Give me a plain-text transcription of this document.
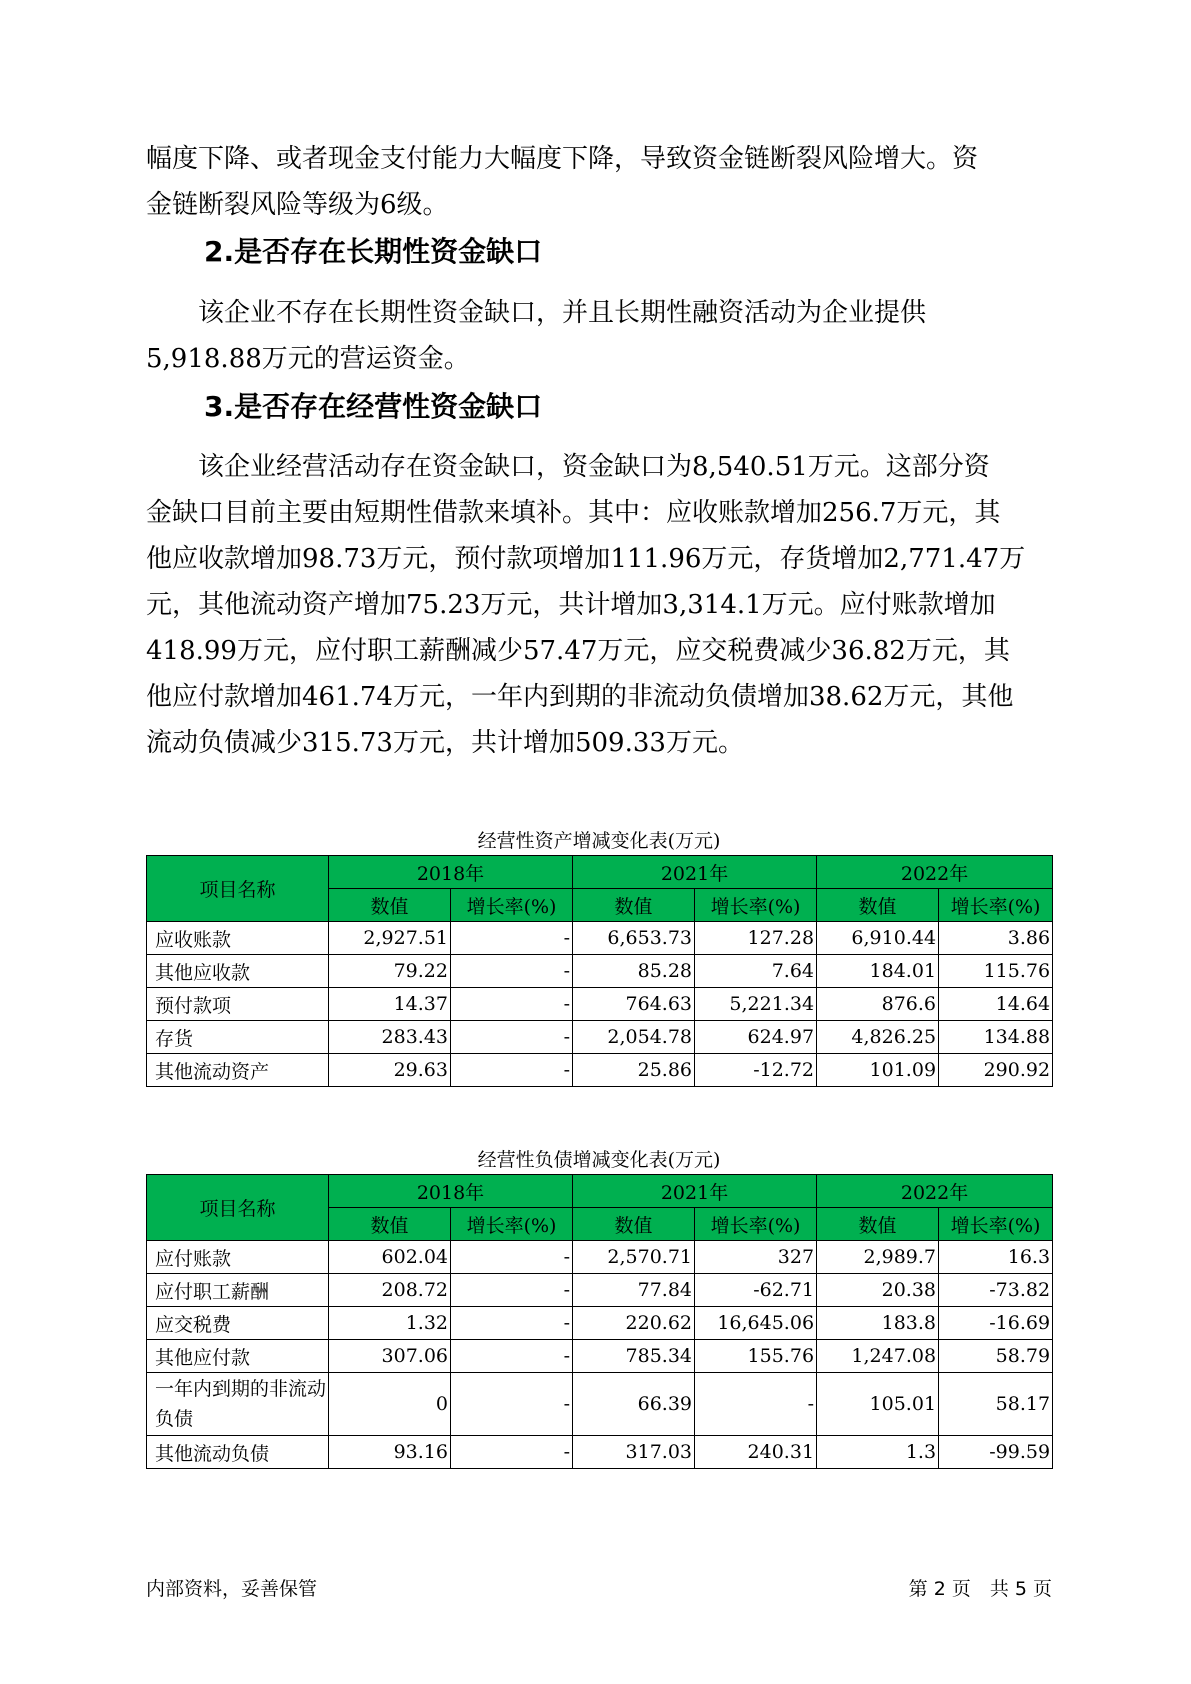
幅度下降、或者现金支付能力大幅度下降，导致资金链断裂风险增大。资
金链断裂风险等级为6级。
2.是否存在长期性资金缺口
　　该企业不存在长期性资金缺口，并且长期性融资活动为企业提供
5,918.88万元的营运资金。
3.是否存在经营性资金缺口
　　该企业经营活动存在资金缺口，资金缺口为8,540.51万元。这部分资
金缺口目前主要由短期性借款来填补。其中：应收账款增加256.7万元，其
他应收款增加98.73万元，预付款项增加111.96万元，存货增加2,771.47万
元，其他流动资产增加75.23万元，共计增加3,314.1万元。应付账款增加
418.99万元，应付职工薪酬减少57.47万元，应交税费减少36.82万元，其
他应付款增加461.74万元，一年内到期的非流动负债增加38.62万元，其他
流动负债减少315.73万元，共计增加509.33万元。
经营性资产增减变化表(万元)
项目名称	2018年		2021年		2022年	
	数值	增长率(%)	数值	增长率(%)	数值	增长率(%)
应收账款	2,927.51	-	6,653.73	127.28	6,910.44	3.86
其他应收款	79.22	-	85.28	7.64	184.01	115.76
预付款项	14.37	-	764.63	5,221.34	876.6	14.64
存货	283.43	-	2,054.78	624.97	4,826.25	134.88
其他流动资产	29.63	-	25.86	-12.72	101.09	290.92
经营性负债增减变化表(万元)
项目名称	2018年		2021年		2022年	
	数值	增长率(%)	数值	增长率(%)	数值	增长率(%)
应付账款	602.04	-	2,570.71	327	2,989.7	16.3
应付职工薪酬	208.72	-	77.84	-62.71	20.38	-73.82
应交税费	1.32	-	220.62	16,645.06	183.8	-16.69
其他应付款	307.06	-	785.34	155.76	1,247.08	58.79
一年内到期的非流动负债	0	-	66.39	-	105.01	58.17
其他流动负债	93.16	-	317.03	240.31	1.3	-99.59
内部资料，妥善保管	第 2 页　共 5 页
